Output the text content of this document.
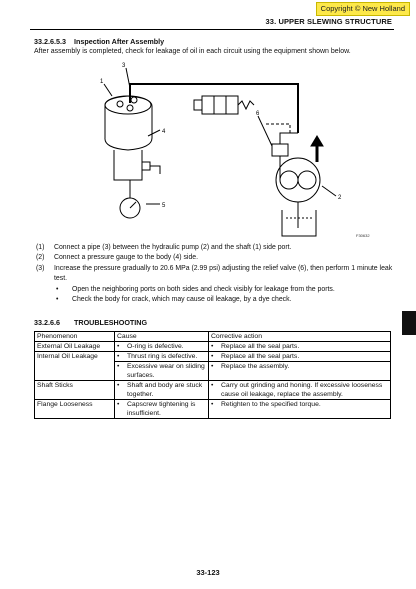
Copyright © New Holland
33. UPPER SLEWING STRUCTURE
33.2.6.5.3 Inspection After Assembly
After assembly is completed, check for leakage of oil in each circuit using the equipment shown below.
3
1
6
4
2
5
F30632
(1) Connect a pipe (3) between the hydraulic pump (2) and the shaft (1) side port.
(2) Connect a pressure gauge to the body (4) side.
(3) Increase the pressure gradually to 20.6 MPa (2.99 psi) adjusting the relief valve (6), then perform 1 minute leak test.
• Open the neighboring ports on both sides and check visibly for leakage from the ports.
• Check the body for crack, which may cause oil leakage, by a dye check.
33.2.6.6 TROUBLESHOOTING
Phenomenon	Cause	Corrective action
External Oil Leakage	• O-ring is defective.	• Replace all the seal parts.

Internal Oil Leakage	• Thrust ring is defective.	• Replace all the seal parts.

	• Excessive wear on sliding surfaces.	• Replace the assembly.

Shaft Sticks	• Shaft and body are stuck together.	• Carry out grinding and honing. If excessive looseness cause oil leakage, replace the assembly.

Flange Looseness	• Capscrew tightening is insufficient.	• Retighten to the specified torque.
33-123
